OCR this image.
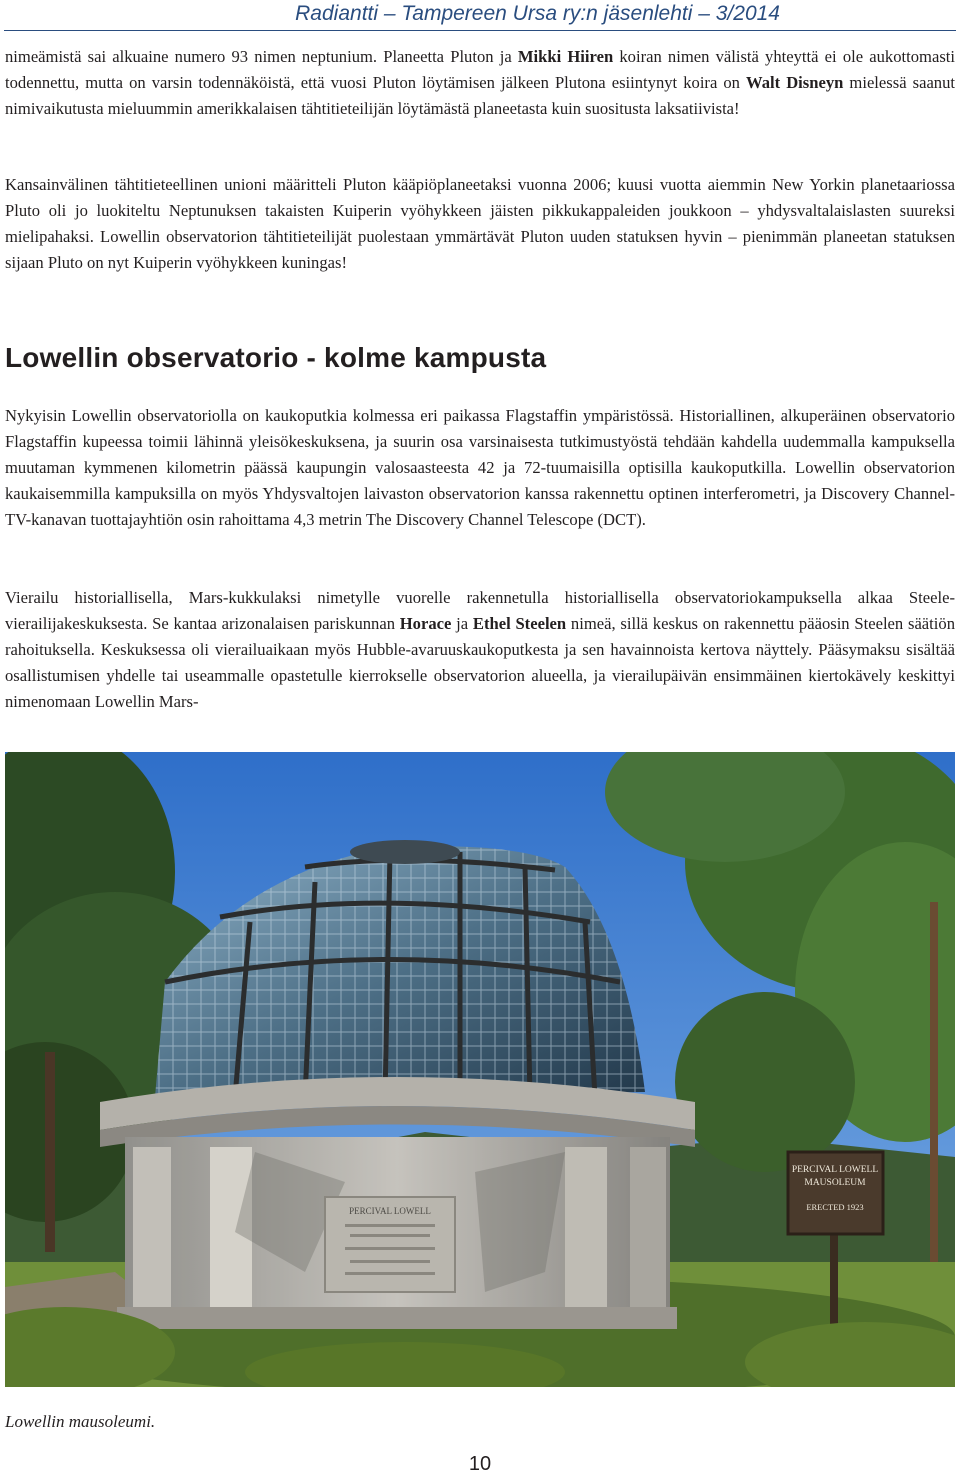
Radiantti – Tampereen Ursa ry:n jäsenlehti – 3/2014

nimeämistä sai alkuaine numero 93 nimen neptunium. Planeetta Pluton ja Mikki Hiiren koiran nimen välistä yhteyttä ei ole aukottomasti todennettu, mutta on varsin todennäköistä, että vuosi Pluton löytämisen jälkeen Plutona esiintynyt koira on Walt Disneyn mielessä saanut nimivaikutusta mieluummin amerikkalaisen tähtitieteilijän löytämästä planeetasta kuin suositusta laksatiivista!

Kansainvälinen tähtitieteellinen unioni määritteli Pluton kääpiöplaneetaksi vuonna 2006; kuusi vuotta aiemmin New Yorkin planetaariossa Pluto oli jo luokiteltu Neptunuksen takaisten Kuiperin vyöhykkeen jäisten pikkukappaleiden joukkoon – yhdysvaltalaislasten suureksi mielipahaksi. Lowellin observatorion tähtitieteilijät puolestaan ymmärtävät Pluton uuden statuksen hyvin – pienimmän planeetan statuksen sijaan Pluto on nyt Kuiperin vyöhykkeen kuningas!

Lowellin observatorio - kolme kampusta

Nykyisin Lowellin observatoriolla on kaukoputkia kolmessa eri paikassa Flagstaffin ympäristössä. Historiallinen, alkuperäinen observatorio Flagstaffin kupeessa toimii lähinnä yleisökeskuksena, ja suurin osa varsinaisesta tutkimustyöstä tehdään kahdella uudemmalla kampuksella muutaman kymmenen kilometrin päässä kaupungin valosaasteesta 42 ja 72-tuumaisilla optisilla kaukoputkilla. Lowellin observatorion kaukaisemmilla kampuksilla on myös Yhdysvaltojen laivaston observatorion kanssa rakennettu optinen interferometri, ja Discovery Channel-TV-kanavan tuottajayhtiön osin rahoittama 4,3 metrin The Discovery Channel Telescope (DCT).

Vierailu historiallisella, Mars-kukkulaksi nimetylle vuorelle rakennetulla historiallisella observatoriokampuksella alkaa Steele-vierailijakeskuksesta. Se kantaa arizonalaisen pariskunnan Horace ja Ethel Steelen nimeä, sillä keskus on rakennettu pääosin Steelen säätiön rahoituksella. Keskuksessa oli vierailuaikaan myös Hubble-avaruuskaukoputkesta ja sen havainnoista kertova näyttely. Pääsymaksu sisältää osallistumisen yhdelle tai useammalle opastetulle kierrokselle observatorion alueella, ja vierailupäivän ensimmäinen kiertokävely keskittyi nimenomaan Lowellin Mars-

PERCIVAL LOWELL
PERCIVAL LOWELL
MAUSOLEUM
ERECTED 1923
Lowellin mausoleumi.
10
